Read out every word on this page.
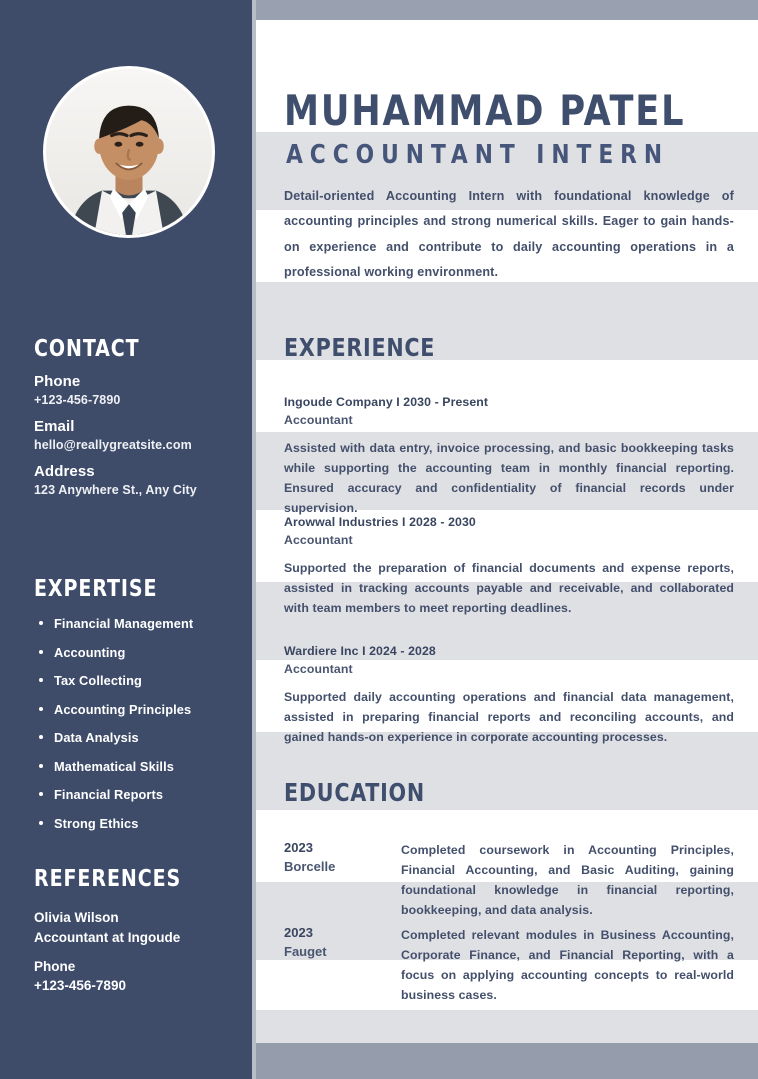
CONTACT
Phone
+123-456-7890
Email
hello@reallygreatsite.com
Address
123 Anywhere St., Any City
EXPERTISE
Financial Management
Accounting
Tax Collecting
Accounting Principles
Data Analysis
Mathematical Skills
Financial Reports
Strong Ethics
REFERENCES
Olivia Wilson
Accountant at Ingoude
Phone
+123-456-7890
MUHAMMAD PATEL
ACCOUNTANT INTERN

Detail-oriented Accounting Intern with foundational knowledge of accounting principles and strong numerical skills. Eager to gain hands-on experience and contribute to daily accounting operations in a professional working environment.

EXPERIENCE
Ingoude Company I 2030 - Present
Accountant
Assisted with data entry, invoice processing, and basic bookkeeping tasks while supporting the accounting team in monthly financial reporting. Ensured accuracy and confidentiality of financial records under supervision.
Arowwal Industries I 2028 - 2030
Accountant
Supported the preparation of financial documents and expense reports, assisted in tracking accounts payable and receivable, and collaborated with team members to meet reporting deadlines.
Wardiere Inc I 2024 - 2028
Accountant
Supported daily accounting operations and financial data management, assisted in preparing financial reports and reconciling accounts, and gained hands-on experience in corporate accounting processes.
EDUCATION
2023
Borcelle
Completed coursework in Accounting Principles, Financial Accounting, and Basic Auditing, gaining foundational knowledge in financial reporting, bookkeeping, and data analysis.
2023
Fauget
Completed relevant modules in Business Accounting, Corporate Finance, and Financial Reporting, with a focus on applying accounting concepts to real-world business cases.
